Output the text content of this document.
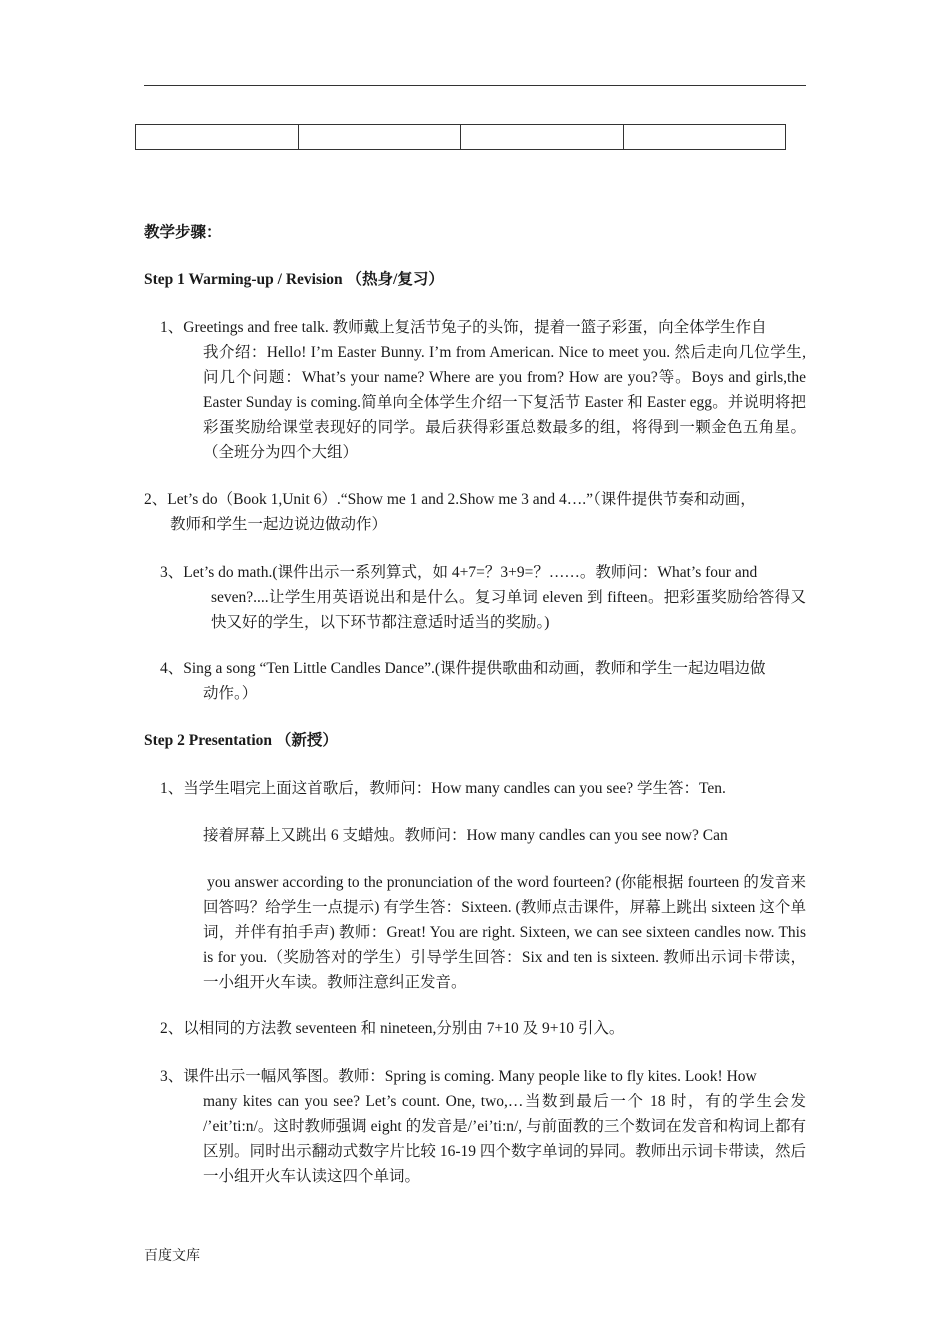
教学步骤：
Step 1 Warming-up / Revision （热身/复习）
1、Greetings and free talk. 教师戴上复活节兔子的头饰，提着一篮子彩蛋，向全体学生作自
我介绍：Hello! I’m Easter Bunny. I’m from American. Nice to meet you. 然后走向几位学生,问几个问题：What’s your name? Where are you from? How are you?等。Boys and girls,the Easter Sunday is coming.简单向全体学生介绍一下复活节 Easter 和 Easter egg。并说明将把彩蛋奖励给课堂表现好的同学。最后获得彩蛋总数最多的组，将得到一颗金色五角星。（全班分为四个大组）
2、Let’s do（Book 1,Unit 6）.“Show me 1 and 2.Show me 3 and 4….”（课件提供节奏和动画，
教师和学生一起边说边做动作）
3、Let’s do math.(课件出示一系列算式，如 4+7=？3+9=？……。教师问：What’s four and
seven?....让学生用英语说出和是什么。复习单词 eleven 到 fifteen。把彩蛋奖励给答得又快又好的学生，以下环节都注意适时适当的奖励。)
4、Sing a song “Ten Little Candles Dance”.(课件提供歌曲和动画，教师和学生一起边唱边做
动作。）
Step 2 Presentation （新授）
1、当学生唱完上面这首歌后，教师问：How many candles can you see? 学生答：Ten.
接着屏幕上又跳出 6 支蜡烛。教师问：How many candles can you see now? Can
you answer according to the pronunciation of the word fourteen? (你能根据 fourteen 的发音来回答吗？给学生一点提示) 有学生答：Sixteen. (教师点击课件，屏幕上跳出 sixteen 这个单词，并伴有拍手声) 教师：Great! You are right. Sixteen, we can see sixteen candles now. This is for you.（奖励答对的学生）引导学生回答：Six and ten is sixteen. 教师出示词卡带读，一小组开火车读。教师注意纠正发音。
2、以相同的方法教 seventeen 和 nineteen,分别由 7+10 及 9+10 引入。
3、课件出示一幅风筝图。教师：Spring is coming. Many people like to fly kites. Look! How
many kites can you see? Let’s count. One, two,…当数到最后一个 18 时，有的学生会发 /’eit’ti:n/。这时教师强调 eight 的发音是/’ei’ti:n/, 与前面教的三个数词在发音和构词上都有区别。同时出示翻动式数字片比较 16-19 四个数字单词的异同。教师出示词卡带读，然后一小组开火车认读这四个单词。
百度文库
